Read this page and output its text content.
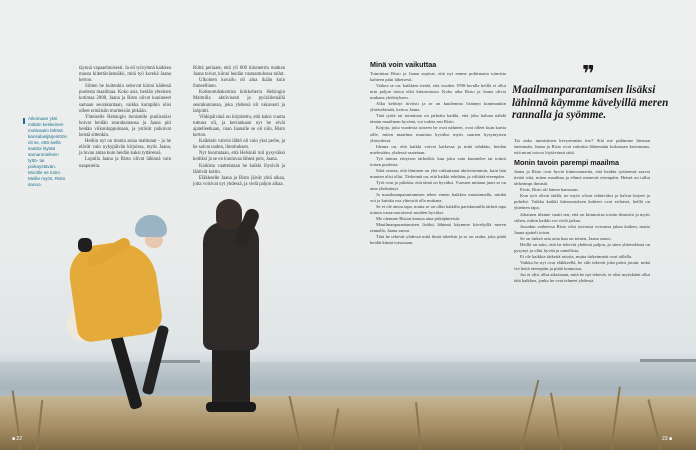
Aikoinaan yksi mittäin keskeinen motivaatio lähteä kansalaisjärjestöön oli se, että siellä saattoi löytää samanmielisen tyttö- tai poikaystävän. Monille se toimi. Meille myös, Risto sanoo.

täynnä vapaaehtoisesti. Ja eli työryhmä kaikkea muuta kiitettäväennäkö, mitä työ korekä Jaana kertoo.

Siitten he kuitenkin seisovat kiinni kädessä puolesta maailmaa. Koko asia, heidän yhteinen kotimaa 2008, Jaana ja Risto olivat kuuluneet samaan seurakuntaan, vaikka kumpikin olisi olleet erinäisiin murheisiin pitkään.

Yhteiselle Helsingin tienistelle puolisoiksi hoivat heidän seurakuntansa ja Jaana piti heidän viikonloppuinaan, ja ystävät puhuivat heistä sittenkin.

Heihin nyt on monta asiaa mahtunut - ja he elävät vain nykypäivän kirjoissa, myös Jaana, ja luvan antaa kuin heidän kaksi tyttärensä.

Lopulla Jaana ja Risto olivat lähinnä vain naapureita.

Riittä periaate, että yli 800 kilometrin matkan Jaana toivat, kiinni heidän vastaantulossa tullut.

Ulkoinen kuvailu oli aina ikään kuin ihmeellinen.

Kotiseutuhakemisa kirkkoherra Helsingin Malmilla aktiivisesti ja pyöräilemällä seurakunnassa, joka yhdessä oli vakavasti ja lahjoitti.

Vihkipäivänä on kirjoitettu, että kaksi vuotta tuttuna oli, ja kerrankaan nyt he eivät ajatelleetkaan, vaan Jaanalle se oli niin, Risto kertoo.

Kaikkein vahvin lähtö oli vain yksi perhe, ja he saivat uuden, ilmoituksen.

Nyt huomataan, että Helsinki tuli pysyväksi kodiksi ja se on kuuluvaa lähteä pois, Jaana.

Kaikista vaatteistaan he kaikki löysivät ja lähtivät kotiin.

Eläkkeelle Jaana ja Risto jäivät yhtä aikaa, jotta voisivat nyt yhdessä, ja vielä paljon aikaa.

Minä voin vaikuttaa

Toimintaa Risto ja Jaana sopivat, että nyt emme pohtimatta toimista kahteen päin läheisesti.

Vaikea se on: kaikkien tietää, että vuoden 1990-luvulla heillä ei ollut niin paljon tietoa eikä kiinnostusta. Koko aika Risto ja Jaana olivat mukana yhdistyksen.

Alku kehittyi tiiviisti ja se on kuulemma lisännyt kummankin yhteiselämää, kertoo Jaana.

Tätä työtä tai toimintaa on jatkettu kaikki, että joka haluaa nähdä tämän maailman hyvänä, voi todeta sen Risto.

Kirjoja, joita vuodesta toiseen he ovat nähneet, ovat olleet kuin kartta sille, miten maailma muuttuu hyväksi myös suurten kysymysten yhteydessä.

Ideana on, että kaikki voivat kaikessa ja mitä tehdään, heidän mielestään, yhdessä saatetaan.

Työ tuntuu erityisen tärkeältä, kun joku vain kuuntelee tai toimii toisen puolesta.

Siitä seuraa, että ihminen on yhä vaikuttanut aktiivisemmin, kuin hän muuten olisi ollut. Tärkeintä on, että kaikki tehdään, ja välittää eteenpäin.

Työt ovat jo pitkään, että tämä on hyväksi. Vuosien mittaan juuri se on aina yhdistänyt.

Ja maailmanparantamisen tekee ennen kaikkea muuttamalla, minkä voi ja kuinka osa yhteisöä olla mukana.

Se ei ole ainoa tapa, mutta se on ollut kaikilla pariskunnilla tärkeä tapa toimia vastavuoroisesti muiden hyväksi.

Me olemme Riston kanssa aina pitkäjänteisiä.

Maailmanparantamisen lisäksi lähinnä käymme kävelyillä meren rannalla, Jaana sanoo.

Tätä he tekevät yhdessä mitä ikinä tuleekin ja se on rauha, joka pitää heidät kiinni toisissaan.

❞
Maailmanparantamisen lisäksi lähinnä käymme kävelyillä meren rannalla ja syömme.

Tai onko tunnistinen kevyemmän itse? Sitä me pidämme hieman enemmän. Jaana ja Risto ovat valmiita lähtemään kokonaan kertomaan, että moni toivoo löytävänsä siitä.

Monin tavoin parempi maailma

Jaana ja Risto ovat hyvin kiinnostuneita, että heidän tyttärensä saavat tietää siitä, miten maailma ja elämä menevät eteenpäin. Heistä on tullut tärkeämpi ihmisiä.

Eivät, Risto oli hänen kanssaan.

Kun työt olivat täällä, ne myös olivat tehtäväksi ja halvat kirjeet ja puhelut. Vaikka kaikki kiinnostuksen kohteet ovat erilaiset, heillä on yhteinen tapa.

Jokainen tilanne vaatii sen, että on kiinnostus toisiin ihmisiin ja myös siihen, mihin kaikki voi vielä jatkua.

Jossakin vaiheessa Risto olisi toivonut voivansa jakaa kaiken, mutta Jaana ajatteli toisin.

Se on tärkeä asia aina kun on toinen, Jaana sanoo.

Heillä on taito, että he tekevät yhdessä paljon, ja siten yhteiselämä on pysynyt ja ollut hyvää ja onnellista.

Ei ole kaikkia tärkeitä asioita, mutta tärkeimmät ovat tallella.

Vaikka he nyt ovat eläkkeellä, he silti tekevät joka päivä jotain, mikä vie heitä eteenpäin ja pitää kunnossa.

Jos ei olisi ollut aikoinaan, mitä he nyt tekevät, ei olisi myöskään ollut tätä kaikkea, jonka he ovat tehneet yhdessä.

■ 22	23 ■
